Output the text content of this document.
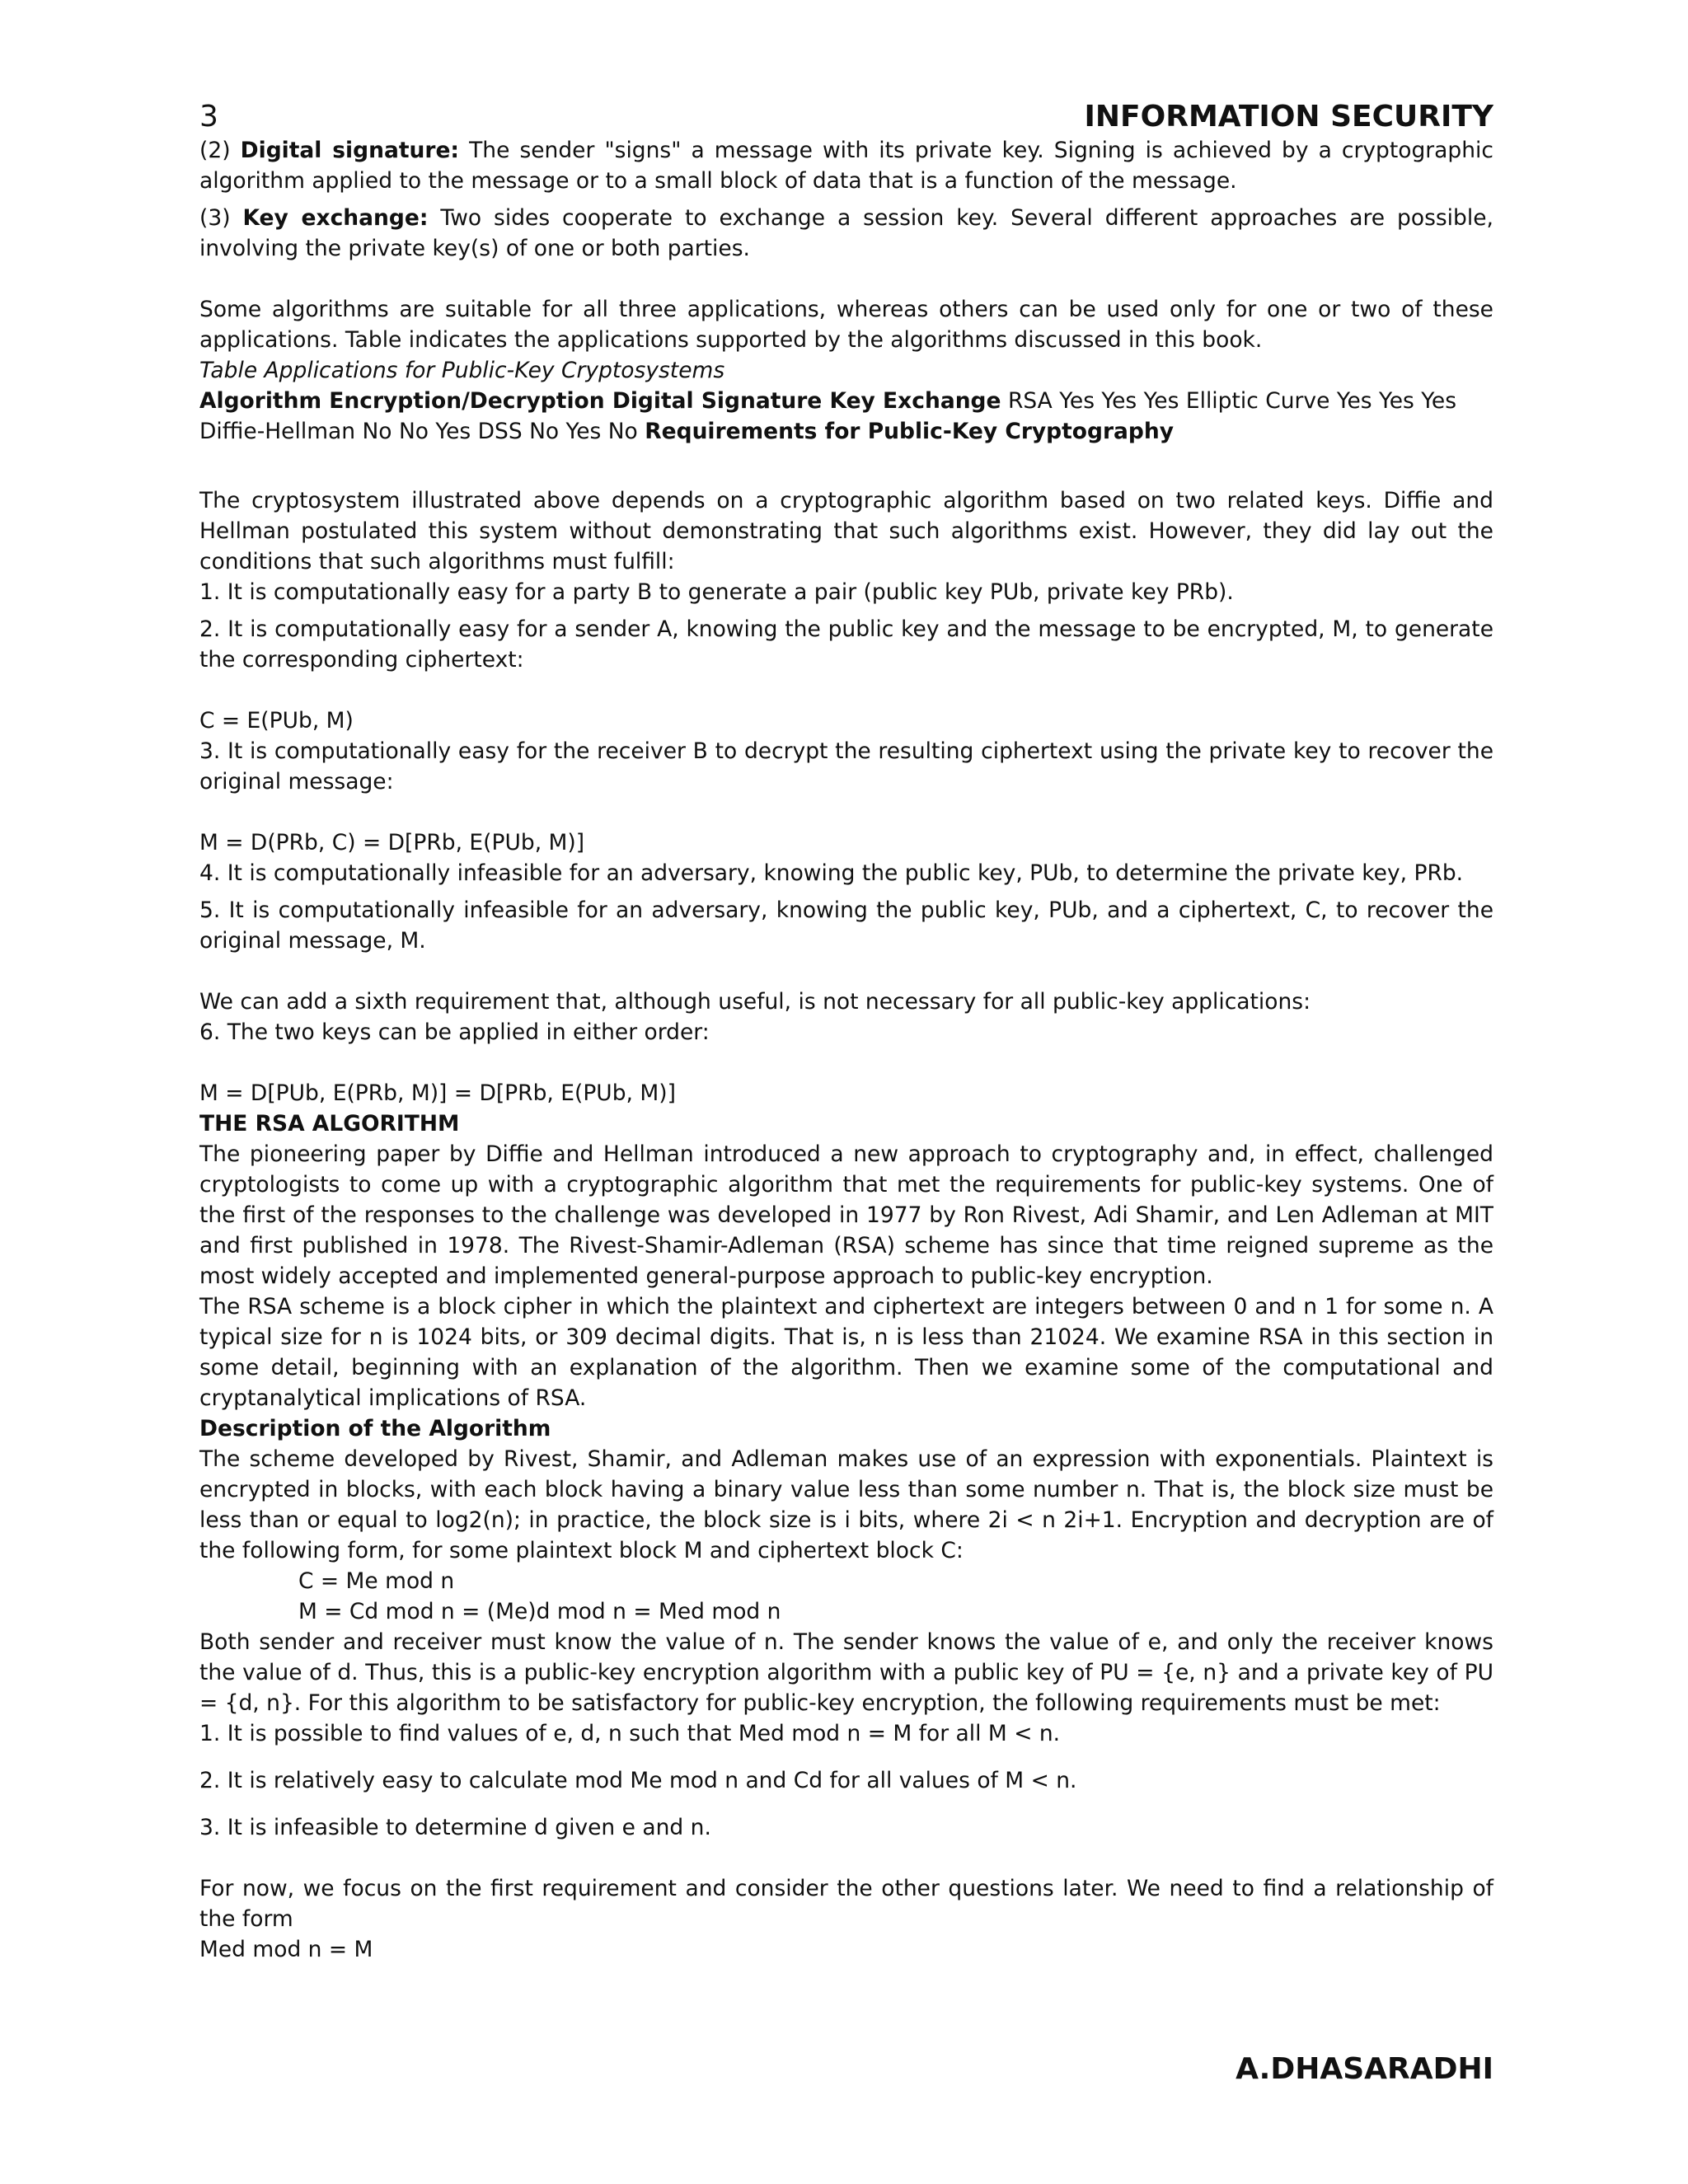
3	INFORMATION SECURITY

(2) Digital signature: The sender "signs" a message with its private key. Signing is achieved by a cryptographic algorithm applied to the message or to a small block of data that is a function of the message.

(3) Key exchange: Two sides cooperate to exchange a session key. Several different approaches are possible, involving the private key(s) of one or both parties.

Some algorithms are suitable for all three applications, whereas others can be used only for one or two of these applications. Table indicates the applications supported by the algorithms discussed in this book.

Table Applications for Public-Key Cryptosystems

Algorithm Encryption/Decryption Digital Signature Key Exchange RSA Yes Yes Yes Elliptic Curve Yes Yes Yes Diffie-Hellman No No Yes DSS No Yes No Requirements for Public-Key Cryptography

The cryptosystem illustrated above depends on a cryptographic algorithm based on two related keys. Diffie and Hellman postulated this system without demonstrating that such algorithms exist. However, they did lay out the conditions that such algorithms must fulfill:

1. It is computationally easy for a party B to generate a pair (public key PUb, private key PRb).

2. It is computationally easy for a sender A, knowing the public key and the message to be encrypted, M, to generate the corresponding ciphertext:

C = E(PUb, M)

3. It is computationally easy for the receiver B to decrypt the resulting ciphertext using the private key to recover the original message:

M = D(PRb, C) = D[PRb, E(PUb, M)]

4. It is computationally infeasible for an adversary, knowing the public key, PUb, to determine the private key, PRb.

5. It is computationally infeasible for an adversary, knowing the public key, PUb, and a ciphertext, C, to recover the original message, M.

We can add a sixth requirement that, although useful, is not necessary for all public-key applications:

6. The two keys can be applied in either order:

M = D[PUb, E(PRb, M)] = D[PRb, E(PUb, M)]

THE RSA ALGORITHM

The pioneering paper by Diffie and Hellman introduced a new approach to cryptography and, in effect, challenged cryptologists to come up with a cryptographic algorithm that met the requirements for public-key systems. One of the first of the responses to the challenge was developed in 1977 by Ron Rivest, Adi Shamir, and Len Adleman at MIT and first published in 1978. The Rivest-Shamir-Adleman (RSA) scheme has since that time reigned supreme as the most widely accepted and implemented general-purpose approach to public-key encryption.

The RSA scheme is a block cipher in which the plaintext and ciphertext are integers between 0 and n 1 for some n. A typical size for n is 1024 bits, or 309 decimal digits. That is, n is less than 21024. We examine RSA in this section in some detail, beginning with an explanation of the algorithm. Then we examine some of the computational and cryptanalytical implications of RSA.

Description of the Algorithm

The scheme developed by Rivest, Shamir, and Adleman makes use of an expression with exponentials. Plaintext is encrypted in blocks, with each block having a binary value less than some number n. That is, the block size must be less than or equal to log2(n); in practice, the block size is i bits, where 2i < n 2i+1. Encryption and decryption are of the following form, for some plaintext block M and ciphertext block C:

C = Me mod n

M = Cd mod n = (Me)d mod n = Med mod n

Both sender and receiver must know the value of n. The sender knows the value of e, and only the receiver knows the value of d. Thus, this is a public-key encryption algorithm with a public key of PU = {e, n} and a private key of PU = {d, n}. For this algorithm to be satisfactory for public-key encryption, the following requirements must be met:

1. It is possible to find values of e, d, n such that Med mod n = M for all M < n.

2. It is relatively easy to calculate mod Me mod n and Cd for all values of M < n.

3. It is infeasible to determine d given e and n.

For now, we focus on the first requirement and consider the other questions later. We need to find a relationship of the form

Med mod n = M

A.DHASARADHI
